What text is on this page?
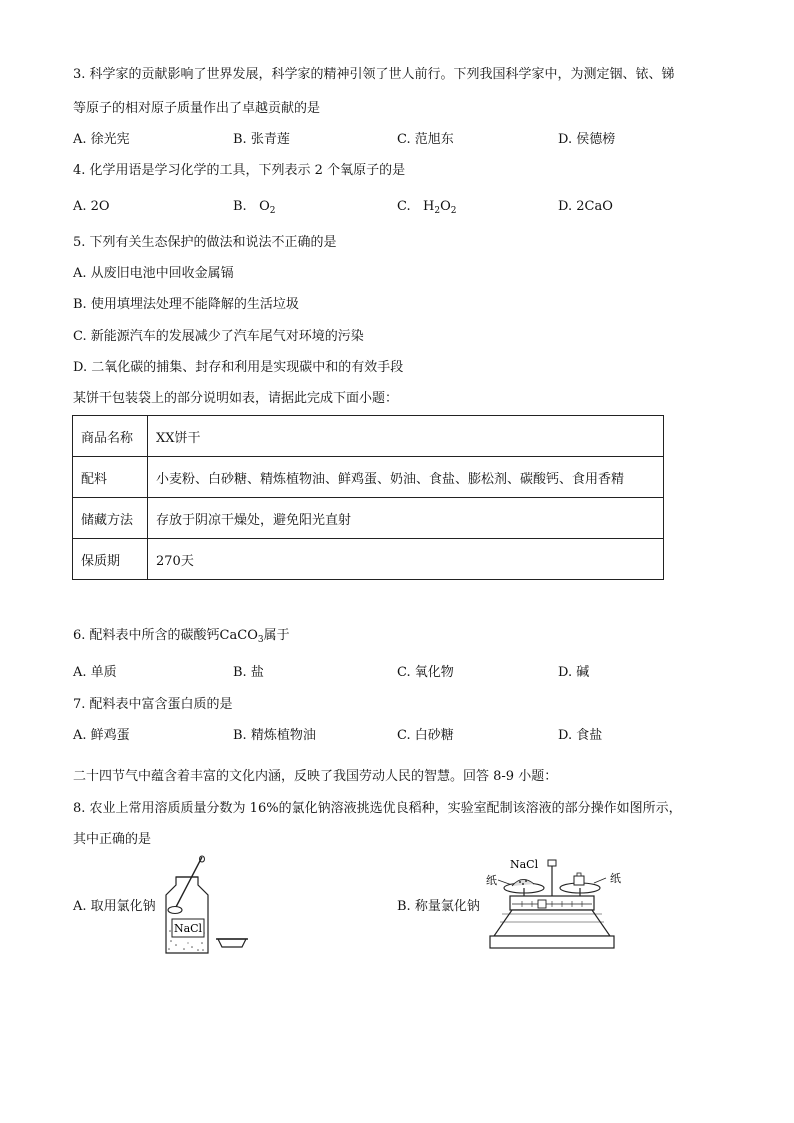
3. 科学家的贡献影响了世界发展，科学家的精神引领了世人前行。下列我国科学家中，为测定铟、铱、锑
等原子的相对原子质量作出了卓越贡献的是
A. 徐光宪	B. 张青莲	C. 范旭东	D. 侯德榜
4. 化学用语是学习化学的工具，下列表示 2 个氧原子的是
A. 2O	B. $O_2$	C. $H_2O_2$	D. 2CaO
5. 下列有关生态保护的做法和说法不正确的是
A. 从废旧电池中回收金属镉
B. 使用填埋法处理不能降解的生活垃圾
C. 新能源汽车的发展减少了汽车尾气对环境的污染
D. 二氧化碳的捕集、封存和利用是实现碳中和的有效手段
某饼干包装袋上的部分说明如表，请据此完成下面小题：
商品名称	XX饼干
配料	小麦粉、白砂糖、精炼植物油、鲜鸡蛋、奶油、食盐、膨松剂、碳酸钙、食用香精
储藏方法	存放于阴凉干燥处，避免阳光直射
保质期	270天
6. 配料表中所含的碳酸钙CaCO$_3$属于
A. 单质	B. 盐	C. 氧化物	D. 碱
7. 配料表中富含蛋白质的是
A. 鲜鸡蛋	B. 精炼植物油	C. 白砂糖	D. 食盐
二十四节气中蕴含着丰富的文化内涵，反映了我国劳动人民的智慧。回答 8-9 小题：
8. 农业上常用溶质质量分数为 16%的氯化钠溶液挑选优良稻种，实验室配制该溶液的部分操作如图所示，
其中正确的是
A. 取用氯化钠
NaCl
B. 称量氯化钠
NaCl
纸	纸
